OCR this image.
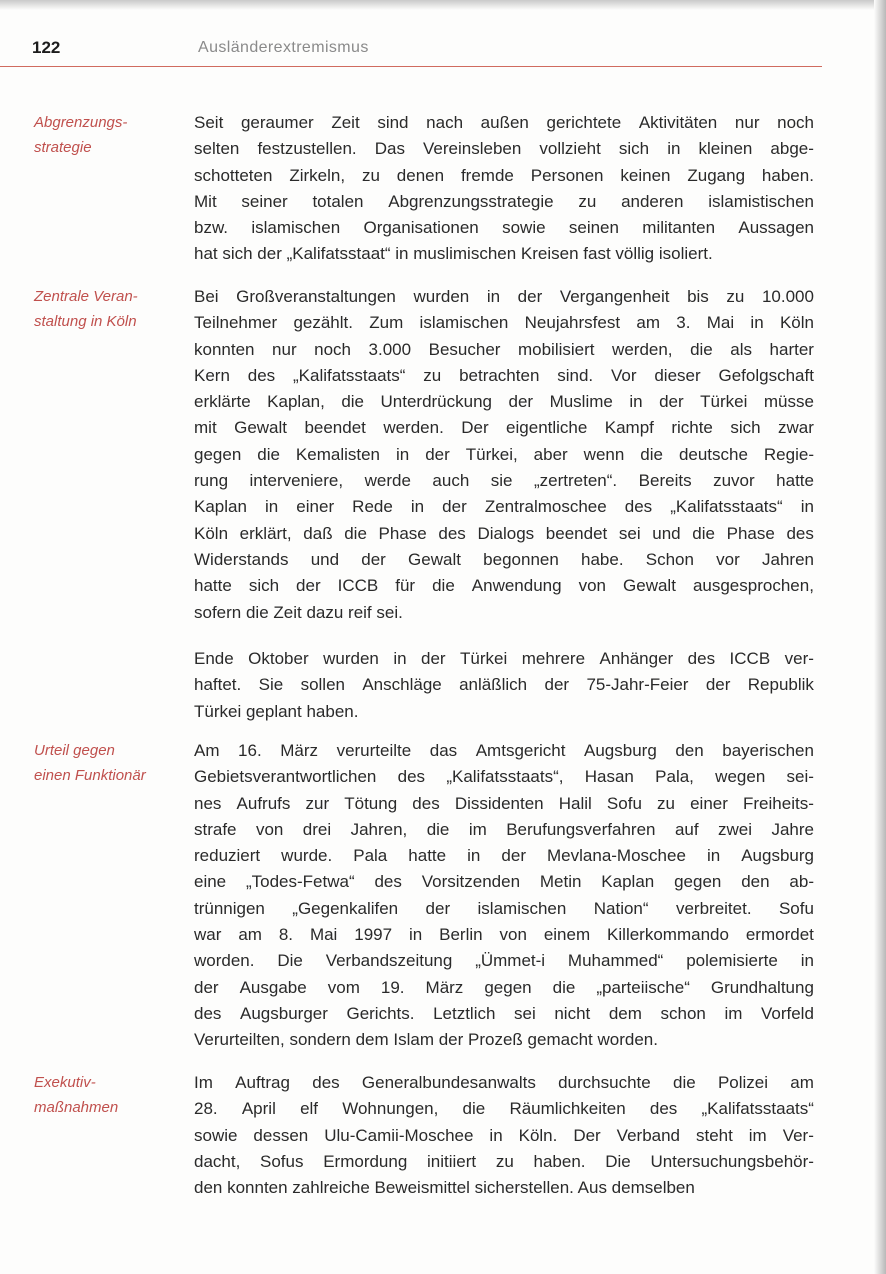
122	Ausländerextremismus
Abgrenzungs-
strategie
Zentrale Veran-
staltung in Köln
Urteil gegen
einen Funktionär
Exekutiv-
maßnahmen
Seit geraumer Zeit sind nach außen gerichtete Aktivitäten nur noch
selten festzustellen. Das Vereinsleben vollzieht sich in kleinen abge-
schotteten Zirkeln, zu denen fremde Personen keinen Zugang haben.
Mit seiner totalen Abgrenzungsstrategie zu anderen islamistischen
bzw. islamischen Organisationen sowie seinen militanten Aussagen
hat sich der „Kalifatsstaat“ in muslimischen Kreisen fast völlig isoliert.
Bei Großveranstaltungen wurden in der Vergangenheit bis zu 10.000
Teilnehmer gezählt. Zum islamischen Neujahrsfest am 3. Mai in Köln
konnten nur noch 3.000 Besucher mobilisiert werden, die als harter
Kern des „Kalifatsstaats“ zu betrachten sind. Vor dieser Gefolgschaft
erklärte Kaplan, die Unterdrückung der Muslime in der Türkei müsse
mit Gewalt beendet werden. Der eigentliche Kampf richte sich zwar
gegen die Kemalisten in der Türkei, aber wenn die deutsche Regie-
rung interveniere, werde auch sie „zertreten“. Bereits zuvor hatte
Kaplan in einer Rede in der Zentralmoschee des „Kalifatsstaats“ in
Köln erklärt, daß die Phase des Dialogs beendet sei und die Phase des
Widerstands und der Gewalt begonnen habe. Schon vor Jahren
hatte sich der ICCB für die Anwendung von Gewalt ausgesprochen,
sofern die Zeit dazu reif sei.
Ende Oktober wurden in der Türkei mehrere Anhänger des ICCB ver-
haftet. Sie sollen Anschläge anläßlich der 75-Jahr-Feier der Republik
Türkei geplant haben.
Am 16. März verurteilte das Amtsgericht Augsburg den bayerischen
Gebietsverantwortlichen des „Kalifatsstaats“, Hasan Pala, wegen sei-
nes Aufrufs zur Tötung des Dissidenten Halil Sofu zu einer Freiheits-
strafe von drei Jahren, die im Berufungsverfahren auf zwei Jahre
reduziert wurde. Pala hatte in der Mevlana-Moschee in Augsburg
eine „Todes-Fetwa“ des Vorsitzenden Metin Kaplan gegen den ab-
trünnigen „Gegenkalifen der islamischen Nation“ verbreitet. Sofu
war am 8. Mai 1997 in Berlin von einem Killerkommando ermordet
worden. Die Verbandszeitung „Ümmet-i Muhammed“ polemisierte in
der Ausgabe vom 19. März gegen die „parteiische“ Grundhaltung
des Augsburger Gerichts. Letztlich sei nicht dem schon im Vorfeld
Verurteilten, sondern dem Islam der Prozeß gemacht worden.
Im Auftrag des Generalbundesanwalts durchsuchte die Polizei am
28. April elf Wohnungen, die Räumlichkeiten des „Kalifatsstaats“
sowie dessen Ulu-Camii-Moschee in Köln. Der Verband steht im Ver-
dacht, Sofus Ermordung initiiert zu haben. Die Untersuchungsbehör-
den konnten zahlreiche Beweismittel sicherstellen. Aus demselben
